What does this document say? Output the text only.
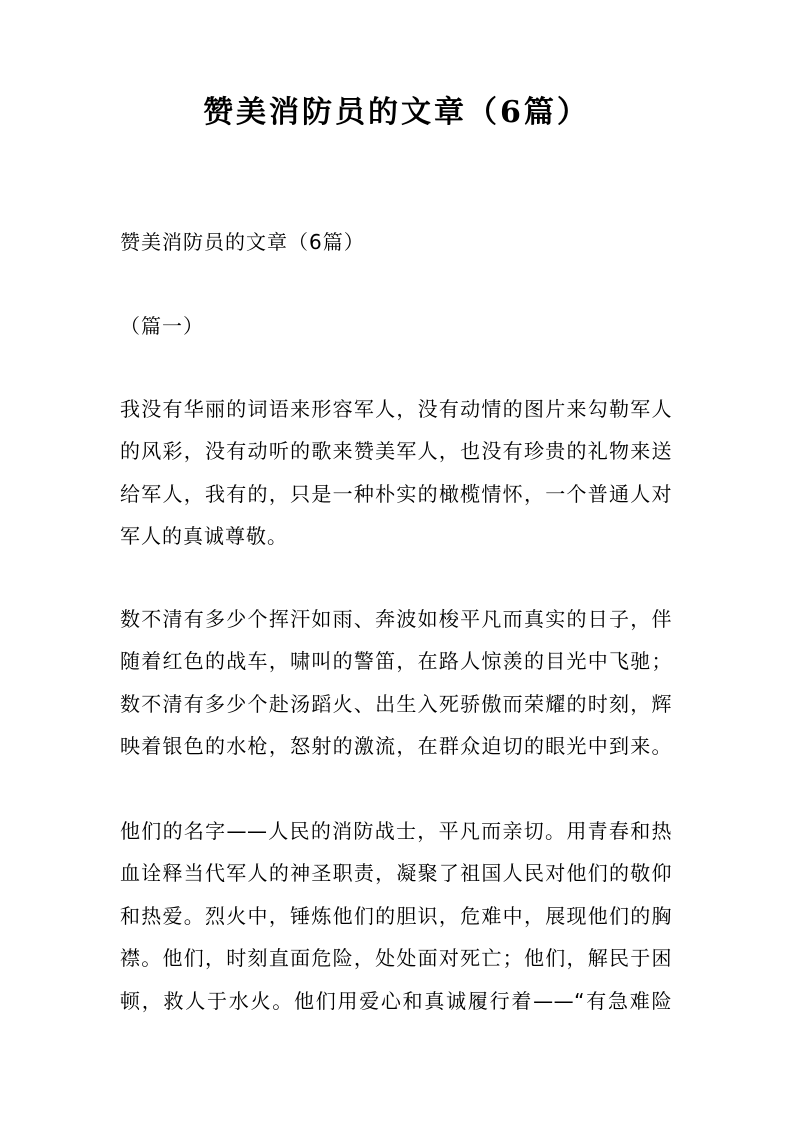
赞美消防员的文章（6篇）
赞美消防员的文章（6篇）
（篇一）
我没有华丽的词语来形容军人，没有动情的图片来勾勒军人
的风彩，没有动听的歌来赞美军人，也没有珍贵的礼物来送
给军人，我有的，只是一种朴实的橄榄情怀，一个普通人对
军人的真诚尊敬。
数不清有多少个挥汗如雨、奔波如梭平凡而真实的日子，伴
随着红色的战车，啸叫的警笛，在路人惊羡的目光中飞驰；
数不清有多少个赴汤蹈火、出生入死骄傲而荣耀的时刻，辉
映着银色的水枪，怒射的激流，在群众迫切的眼光中到来。
他们的名字——人民的消防战士，平凡而亲切。用青春和热
血诠释当代军人的神圣职责，凝聚了祖国人民对他们的敬仰
和热爱。烈火中，锤炼他们的胆识，危难中，展现他们的胸
襟。他们，时刻直面危险，处处面对死亡；他们，解民于困
顿，救人于水火。他们用爱心和真诚履行着——“有急难险
